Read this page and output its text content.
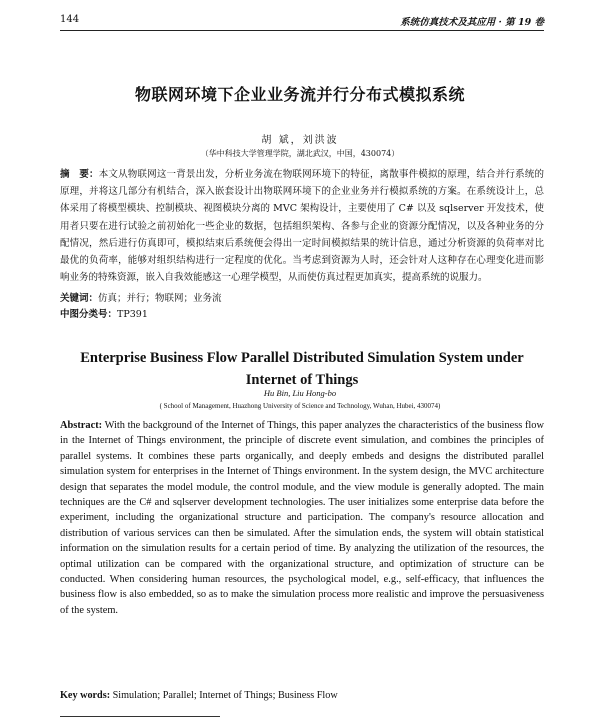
144	系统仿真技术及其应用 · 第 19 卷
物联网环境下企业业务流并行分布式模拟系统
胡 斌，刘洪波
（华中科技大学管理学院，湖北武汉，中国，430074）
摘　要：本文从物联网这一背景出发，分析业务流在物联网环境下的特征，离散事件模拟的原理，结合并行系统的原理，并将这几部分有机结合，深入嵌套设计出物联网环境下的企业业务并行模拟系统的方案。在系统设计上，总体采用了将模型模块、控制模块、视图模块分离的 MVC 架构设计，主要使用了 C# 以及 sqlserver 开发技术，使用者只要在进行试验之前初始化一些企业的数据，包括组织架构、各参与企业的资源分配情况，以及各种业务的分配情况，然后进行仿真即可，模拟结束后系统便会得出一定时间模拟结果的统计信息，通过分析资源的负荷率对比最优的负荷率，能够对组织结构进行一定程度的优化。当考虑到资源为人时，还会针对人这种存在心理变化进而影响业务的特殊资源，嵌入自我效能感这一心理学模型，从而使仿真过程更加真实，提高系统的说服力。
关键词：仿真；并行；物联网；业务流
中图分类号：TP391
Enterprise Business Flow Parallel Distributed Simulation System under Internet of Things
Hu Bin, Liu Hong-bo
( School of Management, Huazhong University of Science and Technology, Wuhan, Hubei, 430074)
Abstract: With the background of the Internet of Things, this paper analyzes the characteristics of the business flow in the Internet of Things environment, the principle of discrete event simulation, and combines the principles of parallel systems. It combines these parts organically, and deeply embeds and designs the distributed parallel simulation system for enterprises in the Internet of Things environment. In the system design, the MVC architecture design that separates the model module, the control module, and the view module is generally adopted. The main techniques are the C# and sqlserver development technologies. The user initializes some enterprise data before the experiment, including the organizational structure and participation. The company's resource allocation and distribution of various services can then be simulated. After the simulation ends, the system will obtain statistical information on the simulation results for a certain period of time. By analyzing the utilization of the resources, the optimal utilization can be compared with the organizational structure, and optimization of structure can be conducted. When considering human resources, the psychological model, e.g., self-efficacy, that influences the business flow is also embedded, so as to make the simulation process more realistic and improve the persuasiveness of the system.
Key words: Simulation; Parallel; Internet of Things; Business Flow
